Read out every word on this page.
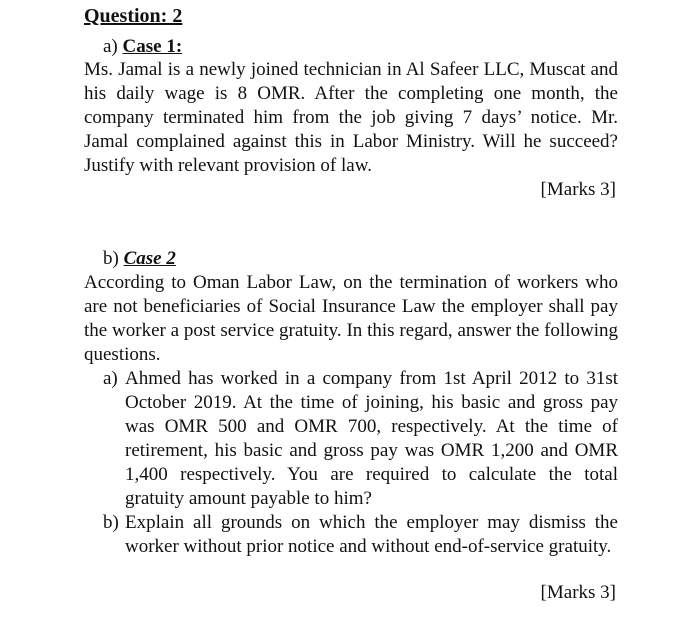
Question: 2
a) Case 1:
Ms. Jamal is a newly joined technician in Al Safeer LLC, Muscat and his daily wage is 8 OMR. After the completing one month, the company terminated him from the job giving 7 days’ notice. Mr. Jamal complained against this in Labor Ministry. Will he succeed? Justify with relevant provision of law.
[Marks 3]
b) Case 2
According to Oman Labor Law, on the termination of workers who are not beneficiaries of Social Insurance Law the employer shall pay the worker a post service gratuity. In this regard, answer the following questions.
a) Ahmed has worked in a company from 1st April 2012 to 31st October 2019. At the time of joining, his basic and gross pay was OMR 500 and OMR 700, respectively. At the time of retirement, his basic and gross pay was OMR 1,200 and OMR 1,400 respectively. You are required to calculate the total gratuity amount payable to him?
b) Explain all grounds on which the employer may dismiss the worker without prior notice and without end-of-service gratuity.
[Marks 3]
